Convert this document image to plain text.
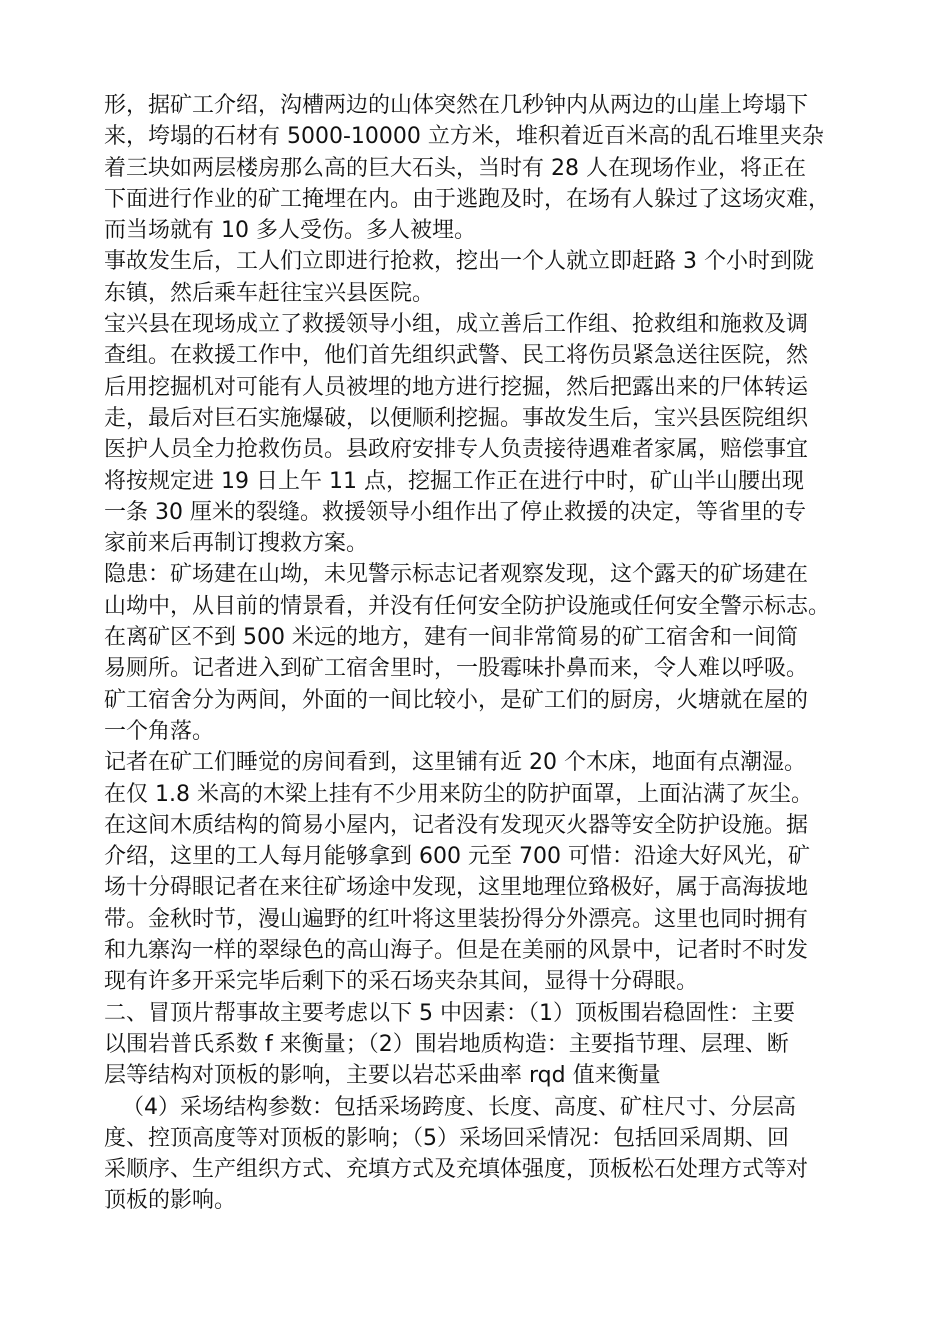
形，据矿工介绍，沟槽两边的山体突然在几秒钟内从两边的山崖上垮塌下
来，垮塌的石材有 5000-10000 立方米，堆积着近百米高的乱石堆里夹杂
着三块如两层楼房那么高的巨大石头，当时有 28 人在现场作业，将正在
下面进行作业的矿工掩埋在内。由于逃跑及时，在场有人躲过了这场灾难，
而当场就有 10 多人受伤。多人被埋。
事故发生后，工人们立即进行抢救，挖出一个人就立即赶路 3 个小时到陇
东镇，然后乘车赶往宝兴县医院。
宝兴县在现场成立了救援领导小组，成立善后工作组、抢救组和施救及调
查组。在救援工作中，他们首先组织武警、民工将伤员紧急送往医院，然
后用挖掘机对可能有人员被埋的地方进行挖掘，然后把露出来的尸体转运
走，最后对巨石实施爆破，以便顺利挖掘。事故发生后，宝兴县医院组织
医护人员全力抢救伤员。县政府安排专人负责接待遇难者家属，赔偿事宜
将按规定进 19 日上午 11 点，挖掘工作正在进行中时，矿山半山腰出现
一条 30 厘米的裂缝。救援领导小组作出了停止救援的决定，等省里的专
家前来后再制订搜救方案。
隐患：矿场建在山坳，未见警示标志记者观察发现，这个露天的矿场建在
山坳中，从目前的情景看，并没有任何安全防护设施或任何安全警示标志。
在离矿区不到 500 米远的地方，建有一间非常简易的矿工宿舍和一间简
易厕所。记者进入到矿工宿舍里时，一股霉味扑鼻而来，令人难以呼吸。
矿工宿舍分为两间，外面的一间比较小，是矿工们的厨房，火塘就在屋的
一个角落。
记者在矿工们睡觉的房间看到，这里铺有近 20 个木床，地面有点潮湿。
在仅 1.8 米高的木梁上挂有不少用来防尘的防护面罩，上面沾满了灰尘。
在这间木质结构的简易小屋内，记者没有发现灭火器等安全防护设施。据
介绍，这里的工人每月能够拿到 600 元至 700 可惜：沿途大好风光，矿
场十分碍眼记者在来往矿场途中发现，这里地理位臵极好，属于高海拔地
带。金秋时节，漫山遍野的红叶将这里装扮得分外漂亮。这里也同时拥有
和九寨沟一样的翠绿色的高山海子。但是在美丽的风景中，记者时不时发
现有许多开采完毕后剩下的采石场夹杂其间，显得十分碍眼。
二、冒顶片帮事故主要考虑以下 5 中因素：（1）顶板围岩稳固性：主要
以围岩普氏系数 f 来衡量；（2）围岩地质构造：主要指节理、层理、断
层等结构对顶板的影响，主要以岩芯采曲率 rqd 值来衡量
（4）采场结构参数：包括采场跨度、长度、高度、矿柱尺寸、分层高
度、控顶高度等对顶板的影响；（5）采场回采情况：包括回采周期、回
采顺序、生产组织方式、充填方式及充填体强度，顶板松石处理方式等对
顶板的影响。
